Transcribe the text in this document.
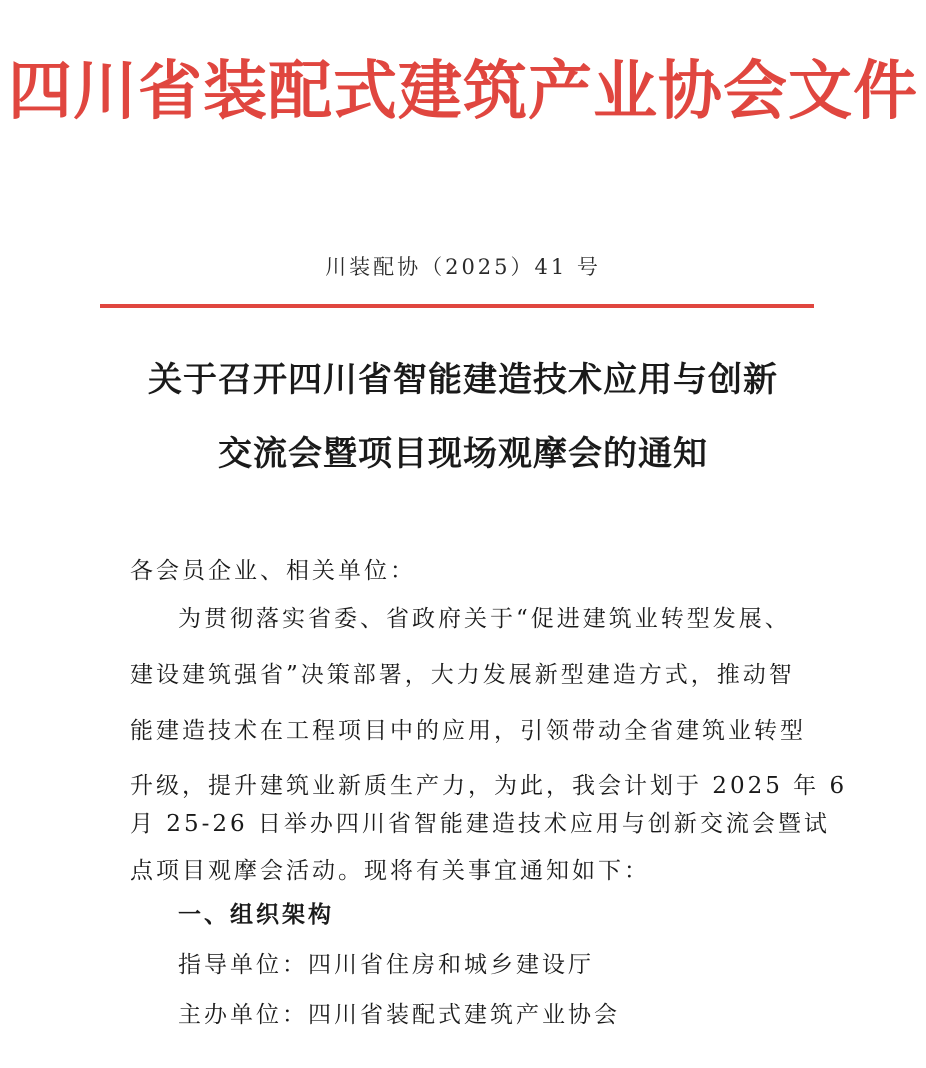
四川省装配式建筑产业协会文件
川装配协（2025）41 号
关于召开四川省智能建造技术应用与创新
交流会暨项目现场观摩会的通知
各会员企业、相关单位：
为贯彻落实省委、省政府关于“促进建筑业转型发展、
建设建筑强省”决策部署，大力发展新型建造方式，推动智
能建造技术在工程项目中的应用，引领带动全省建筑业转型
升级，提升建筑业新质生产力，为此，我会计划于 2025 年 6
月 25-26 日举办四川省智能建造技术应用与创新交流会暨试
点项目观摩会活动。现将有关事宜通知如下：
一、组织架构
指导单位：四川省住房和城乡建设厅
主办单位：四川省装配式建筑产业协会
